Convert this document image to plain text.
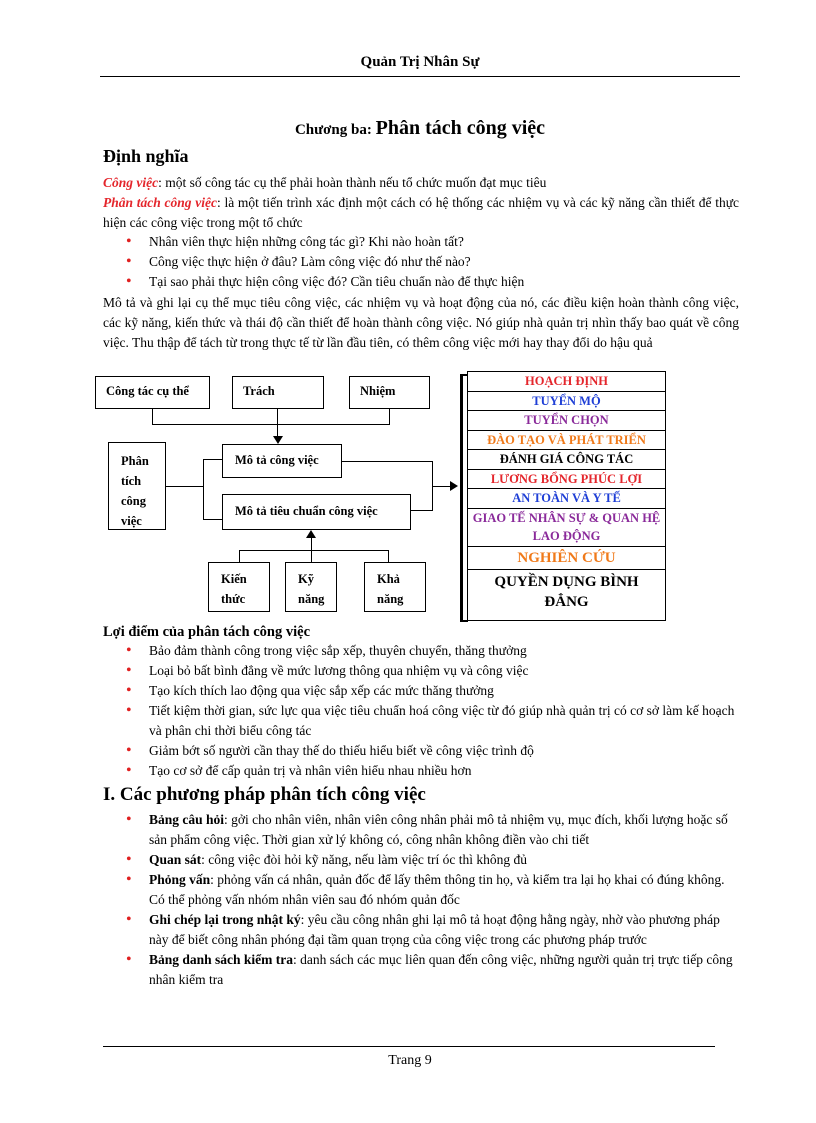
Quản Trị Nhân Sự
Chương ba: Phân tách công việc
Định nghĩa

Công việc: một số công tác cụ thể phải hoàn thành nếu tổ chức muốn đạt mục tiêu

Phân tách công việc: là một tiến trình xác định một cách có hệ thống các nhiệm vụ và các kỹ năng cần thiết để thực hiện các công việc trong một tổ chức

• Nhân viên thực hiện những công tác gì? Khi nào hoàn tất?
• Công việc thực hiện ở đâu? Làm công việc đó như thế nào?
• Tại sao phải thực hiện công việc đó? Cần tiêu chuẩn nào để thực hiện

Mô tả và ghi lại cụ thể mục tiêu công việc, các nhiệm vụ và hoạt động của nó, các điều kiện hoàn thành công việc, các kỹ năng, kiến thức và thái độ cần thiết để hoàn thành công việc. Nó giúp nhà quản trị nhìn thấy bao quát về công việc. Thu thập để tách từ trong thực tế từ lần đầu tiên, có thêm công việc mới hay thay đổi do hậu quả

Công tác cụ thể	Trách	Nhiệm
Phân
tích
công
việc
Mô tả công việc
Mô tả tiêu chuẩn công việc
Kiến
thức
Kỹ
năng
Khả
năng
HOẠCH ĐỊNH
TUYỂN MỘ
TUYỂN CHỌN
ĐÀO TẠO VÀ PHÁT TRIỂN
ĐÁNH GIÁ CÔNG TÁC
LƯƠNG BỔNG PHÚC LỢI
AN TOÀN VÀ Y TẾ
GIAO TẾ NHÂN SỰ & QUAN HỆ LAO ĐỘNG
NGHIÊN CỨU
QUYỀN DỤNG BÌNH ĐẲNG
Lợi điểm của phân tách công việc
• Bảo đảm thành công trong việc sắp xếp, thuyên chuyển, thăng thưởng
• Loại bỏ bất bình đẳng về mức lương thông qua nhiệm vụ và công việc
• Tạo kích thích lao động qua việc sắp xếp các mức thăng thưởng
• Tiết kiệm thời gian, sức lực qua việc tiêu chuẩn hoá công việc từ đó giúp nhà quản trị có cơ sở làm kế hoạch và phân chi thời biểu công tác
• Giảm bớt số người cần thay thế do thiếu hiểu biết về công việc trình độ
• Tạo cơ sở để cấp quản trị và nhân viên hiểu nhau nhiều hơn
I. Các phương pháp phân tích công việc
• Bảng câu hỏi: gởi cho nhân viên, nhân viên công nhân phải mô tả nhiệm vụ, mục đích, khối lượng hoặc số sản phẩm công việc. Thời gian xử lý không có, công nhân không điền vào chi tiết
• Quan sát: công việc đòi hỏi kỹ năng, nếu làm việc trí óc thì không đủ
• Phỏng vấn: phỏng vấn cá nhân, quản đốc để lấy thêm thông tin họ, và kiểm tra lại họ khai có đúng không. Có thể phỏng vấn nhóm nhân viên sau đó nhóm quản đốc
• Ghi chép lại trong nhật ký: yêu cầu công nhân ghi lại mô tả hoạt động hằng ngày, nhờ vào phương pháp này để biết công nhân phóng đại tầm quan trọng của công việc trong các phương pháp trước
• Bảng danh sách kiểm tra: danh sách các mục liên quan đến công việc, những người quản trị trực tiếp công nhân kiểm tra
Trang 9
